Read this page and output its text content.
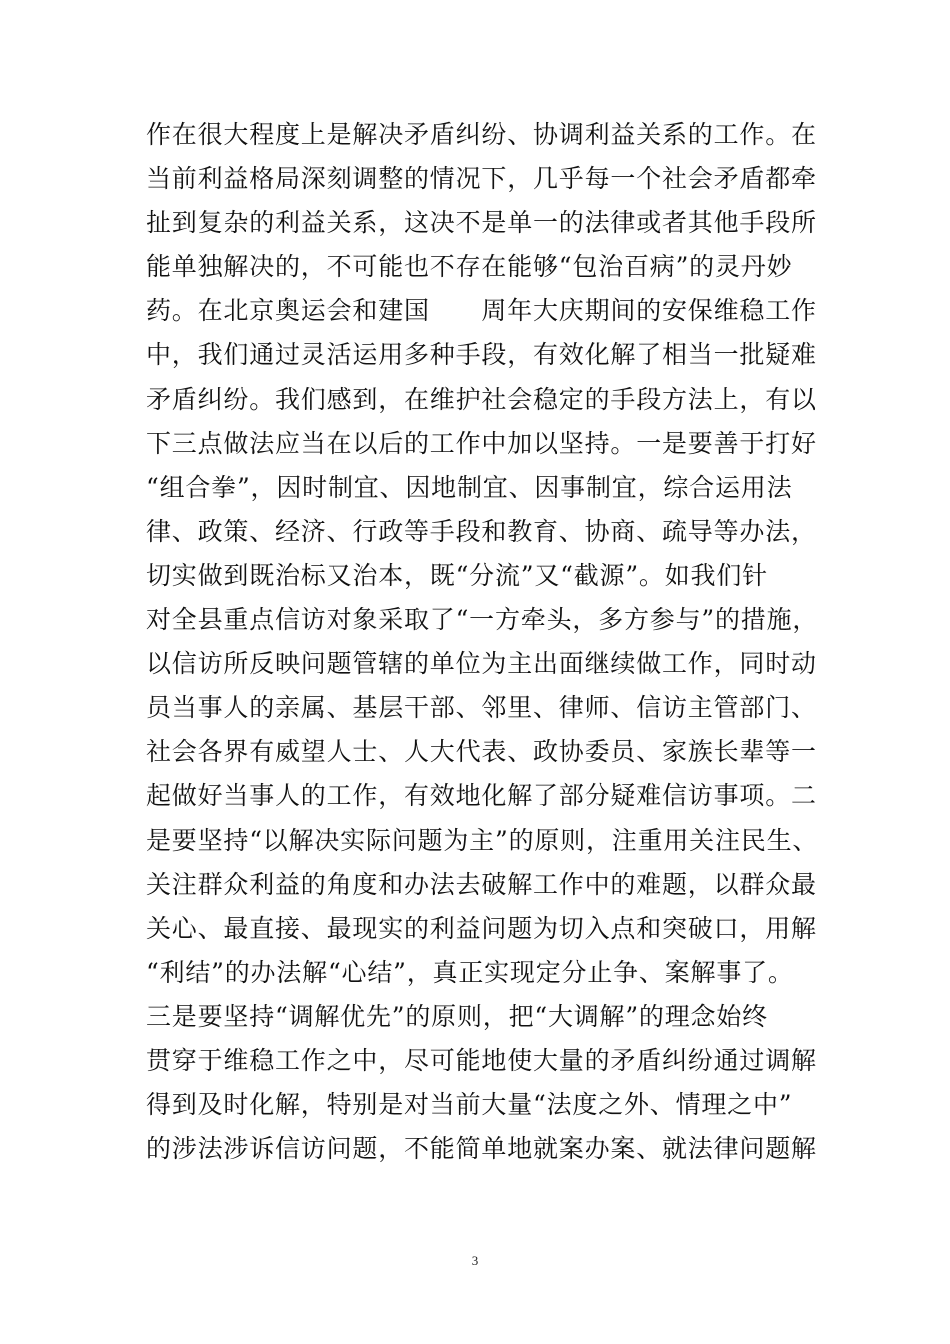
作在很大程度上是解决矛盾纠纷、协调利益关系的工作。在
当前利益格局深刻调整的情况下，几乎每一个社会矛盾都牵
扯到复杂的利益关系，这决不是单一的法律或者其他手段所
能单独解决的，不可能也不存在能够“包治百病”的灵丹妙
药。在北京奥运会和建国　　周年大庆期间的安保维稳工作
中，我们通过灵活运用多种手段，有效化解了相当一批疑难
矛盾纠纷。我们感到，在维护社会稳定的手段方法上，有以
下三点做法应当在以后的工作中加以坚持。一是要善于打好
“组合拳”，因时制宜、因地制宜、因事制宜，综合运用法
律、政策、经济、行政等手段和教育、协商、疏导等办法，
切实做到既治标又治本，既“分流”又“截源”。如我们针
对全县重点信访对象采取了“一方牵头，多方参与”的措施，
以信访所反映问题管辖的单位为主出面继续做工作，同时动
员当事人的亲属、基层干部、邻里、律师、信访主管部门、
社会各界有威望人士、人大代表、政协委员、家族长辈等一
起做好当事人的工作，有效地化解了部分疑难信访事项。二
是要坚持“以解决实际问题为主”的原则，注重用关注民生、
关注群众利益的角度和办法去破解工作中的难题，以群众最
关心、最直接、最现实的利益问题为切入点和突破口，用解
“利结”的办法解“心结”，真正实现定分止争、案解事了。
三是要坚持“调解优先”的原则，把“大调解”的理念始终
贯穿于维稳工作之中，尽可能地使大量的矛盾纠纷通过调解
得到及时化解，特别是对当前大量“法度之外、情理之中”
的涉法涉诉信访问题，不能简单地就案办案、就法律问题解
3
